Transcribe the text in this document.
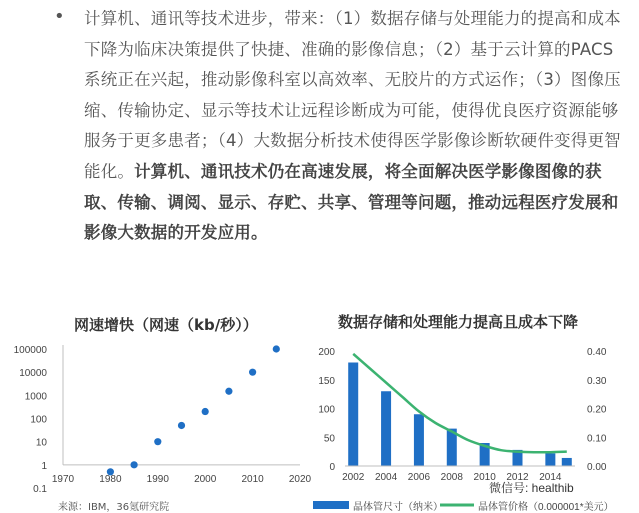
• 计算机、通讯等技术进步，带来：（1）数据存储与处理能力的提高和成本下降为临床决策提供了快捷、准确的影像信息；（2）基于云计算的PACS系统正在兴起，推动影像科室以高效率、无胶片的方式运作；（3）图像压缩、传输协定、显示等技术让远程诊断成为可能，使得优良医疗资源能够服务于更多患者；（4）大数据分析技术使得医学影像诊断软硬件变得更智能化。计算机、通讯技术仍在高速发展，将全面解决医学影像图像的获取、传输、调阅、显示、存贮、共享、管理等问题，推动远程医疗发展和影像大数据的开发应用。
网速增快（网速（kb/秒））	数据存储和处理能力提高且成本下降
0.1
1
10
100
1000
10000
100000
1970	1980	1990	2000	2010	2020
0
50
100
150
200
0.00
0.10
0.20
0.30
0.40
2002 2004 2006 2008 2010 2012 2014
晶体管尺寸（纳米）	晶体管价格（0.000001*美元）
微信号: healthib
来源：IBM，36氪研究院
